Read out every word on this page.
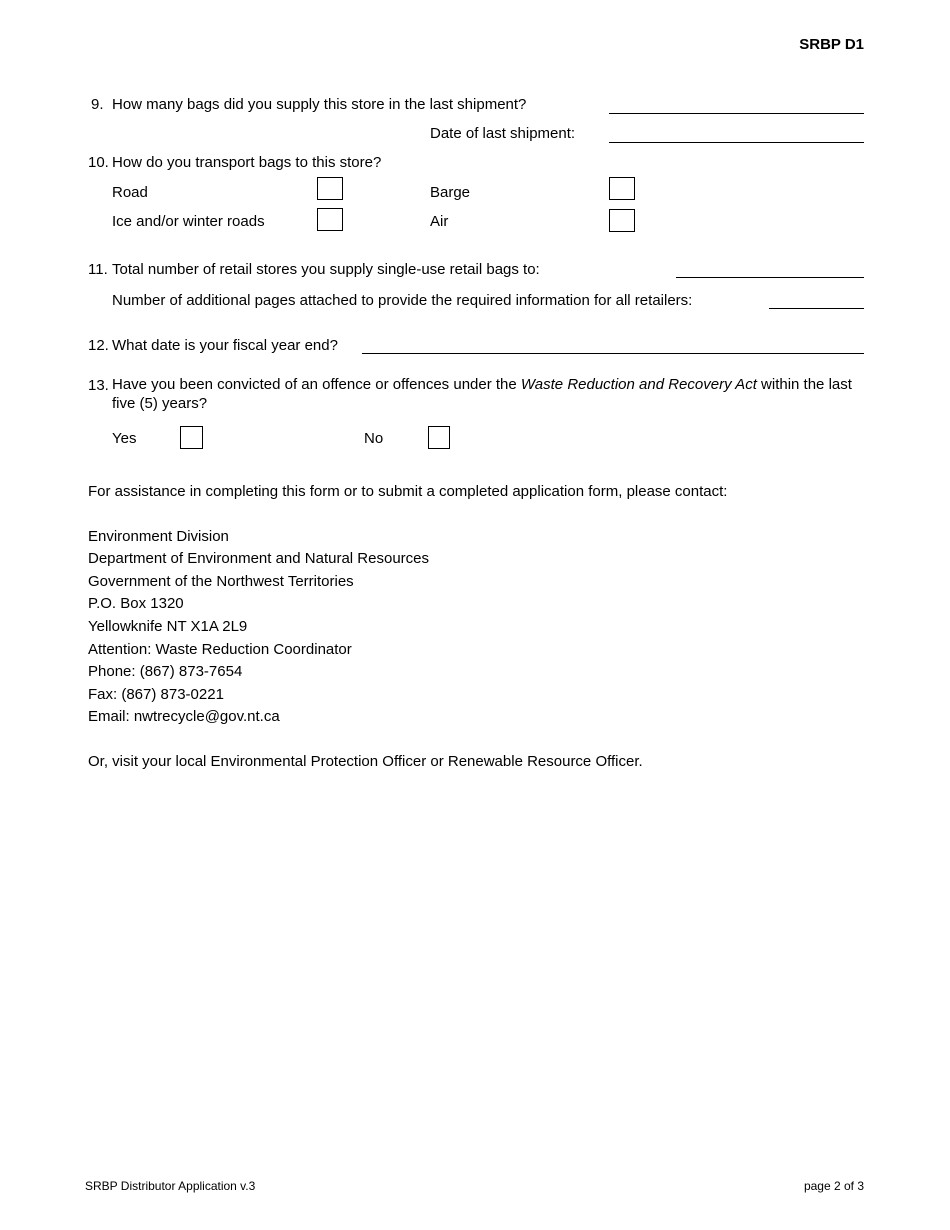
SRBP D1
9. How many bags did you supply this store in the last shipment?
Date of last shipment:
10. How do you transport bags to this store?
Road	Barge
Ice and/or winter roads	Air
11. Total number of retail stores you supply single-use retail bags to:
Number of additional pages attached to provide the required information for all retailers:
12. What date is your fiscal year end?
13. Have you been convicted of an offence or offences under the Waste Reduction and Recovery Act within the last five (5) years?
Yes	No
For assistance in completing this form or to submit a completed application form, please contact:
Environment Division
Department of Environment and Natural Resources
Government of the Northwest Territories
P.O. Box 1320
Yellowknife NT X1A 2L9
Attention: Waste Reduction Coordinator
Phone: (867) 873-7654
Fax: (867) 873-0221
Email: nwtrecycle@gov.nt.ca
Or, visit your local Environmental Protection Officer or Renewable Resource Officer.
SRBP Distributor Application v.3	page 2 of 3
